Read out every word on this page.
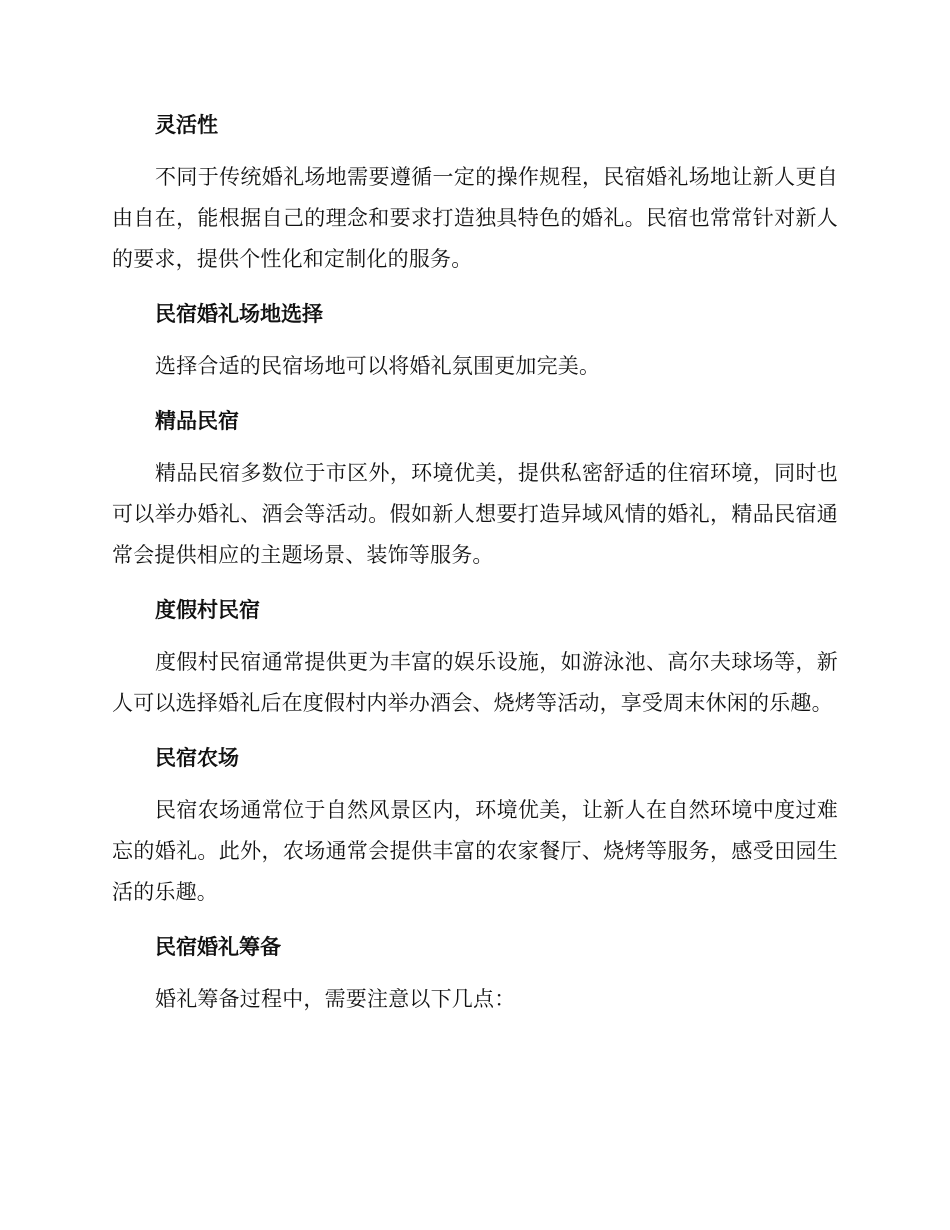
灵活性
不同于传统婚礼场地需要遵循一定的操作规程，民宿婚礼场地让新人更自由自在，能根据自己的理念和要求打造独具特色的婚礼。民宿也常常针对新人的要求，提供个性化和定制化的服务。
民宿婚礼场地选择
选择合适的民宿场地可以将婚礼氛围更加完美。
精品民宿
精品民宿多数位于市区外，环境优美，提供私密舒适的住宿环境，同时也可以举办婚礼、酒会等活动。假如新人想要打造异域风情的婚礼，精品民宿通常会提供相应的主题场景、装饰等服务。
度假村民宿
度假村民宿通常提供更为丰富的娱乐设施，如游泳池、高尔夫球场等，新人可以选择婚礼后在度假村内举办酒会、烧烤等活动，享受周末休闲的乐趣。
民宿农场
民宿农场通常位于自然风景区内，环境优美，让新人在自然环境中度过难忘的婚礼。此外，农场通常会提供丰富的农家餐厅、烧烤等服务，感受田园生活的乐趣。
民宿婚礼筹备
婚礼筹备过程中，需要注意以下几点：
